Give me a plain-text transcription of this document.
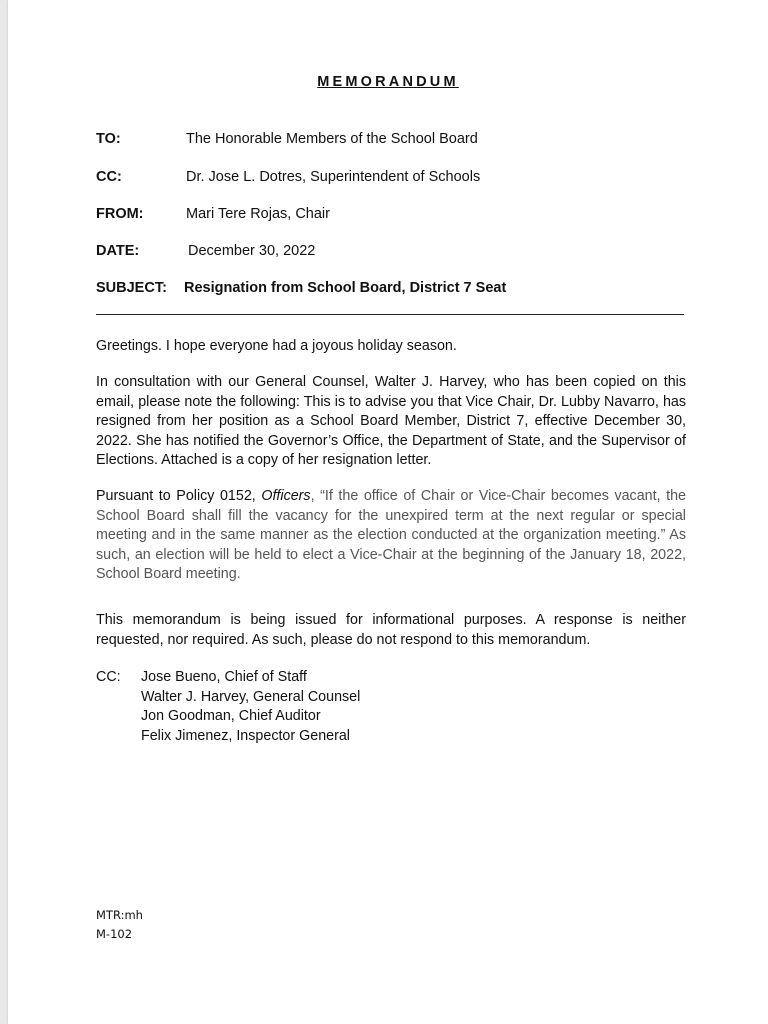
MEMORANDUM
TO:	The Honorable Members of the School Board
CC:	Dr. Jose L. Dotres, Superintendent of Schools
FROM:	Mari Tere Rojas, Chair
DATE:	December 30, 2022
SUBJECT: Resignation from School Board, District 7 Seat
Greetings. I hope everyone had a joyous holiday season.
In consultation with our General Counsel, Walter J. Harvey, who has been copied on this email, please note the following: This is to advise you that Vice Chair, Dr. Lubby Navarro, has resigned from her position as a School Board Member, District 7, effective December 30, 2022. She has notified the Governor’s Office, the Department of State, and the Supervisor of Elections. Attached is a copy of her resignation letter.
Pursuant to Policy 0152, Officers, “If the office of Chair or Vice-Chair becomes vacant, the School Board shall fill the vacancy for the unexpired term at the next regular or special meeting and in the same manner as the election conducted at the organization meeting.” As such, an election will be held to elect a Vice-Chair at the beginning of the January 18, 2022, School Board meeting.
This memorandum is being issued for informational purposes. A response is neither requested, nor required. As such, please do not respond to this memorandum.
CC: Jose Bueno, Chief of Staff
Walter J. Harvey, General Counsel
Jon Goodman, Chief Auditor
Felix Jimenez, Inspector General
MTR:mh
M-102
